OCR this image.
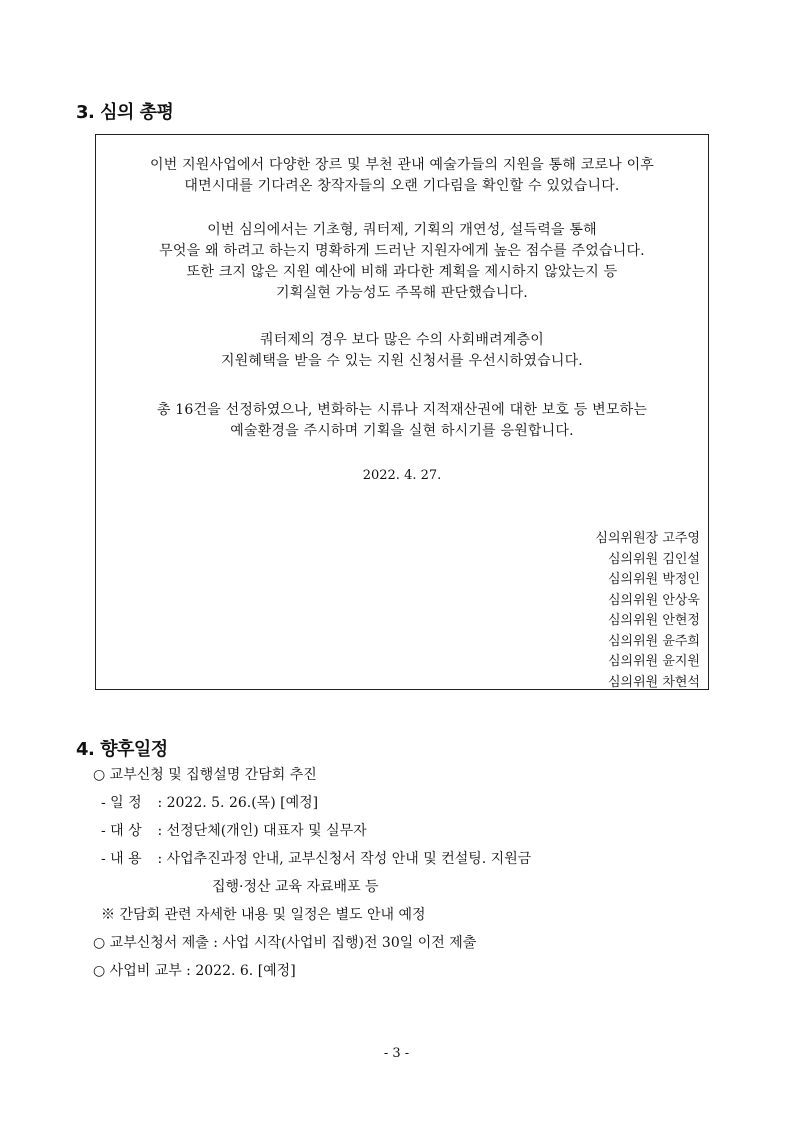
3. 심의 총평

이번 지원사업에서 다양한 장르 및 부천 관내 예술가들의 지원을 통해 코로나 이후
대면시대를 기다려온 창작자들의 오랜 기다림을 확인할 수 있었습니다.

이번 심의에서는 기초형, 쿼터제, 기획의 개연성, 설득력을 통해
무엇을 왜 하려고 하는지 명확하게 드러난 지원자에게 높은 점수를 주었습니다.
또한 크지 않은 지원 예산에 비해 과다한 계획을 제시하지 않았는지 등
기획실현 가능성도 주목해 판단했습니다.

쿼터제의 경우 보다 많은 수의 사회배려계층이
지원혜택을 받을 수 있는 지원 신청서를 우선시하였습니다.

총 16건을 선정하였으나, 변화하는 시류나 지적재산권에 대한 보호 등 변모하는
예술환경을 주시하며 기획을 실현 하시기를 응원합니다.

2022. 4. 27.
심의위원장 고주영
심의위원 김인설
심의위원 박정인
심의위원 안상욱
심의위원 안현정
심의위원 윤주희
심의위원 윤지원
심의위원 차현석
4. 향후일정

○ 교부신청 및 집행설명 간담회 추진

- 일 정 : 2022. 5. 26.(목) [예정]

- 대 상 : 선정단체(개인) 대표자 및 실무자

- 내 용 : 사업추진과정 안내, 교부신청서 작성 안내 및 컨설팅. 지원금

집행·정산 교육 자료배포 등

※ 간담회 관련 자세한 내용 및 일정은 별도 안내 예정

○ 교부신청서 제출 : 사업 시작(사업비 집행)전 30일 이전 제출

○ 사업비 교부 : 2022. 6. [예정]

- 3 -
